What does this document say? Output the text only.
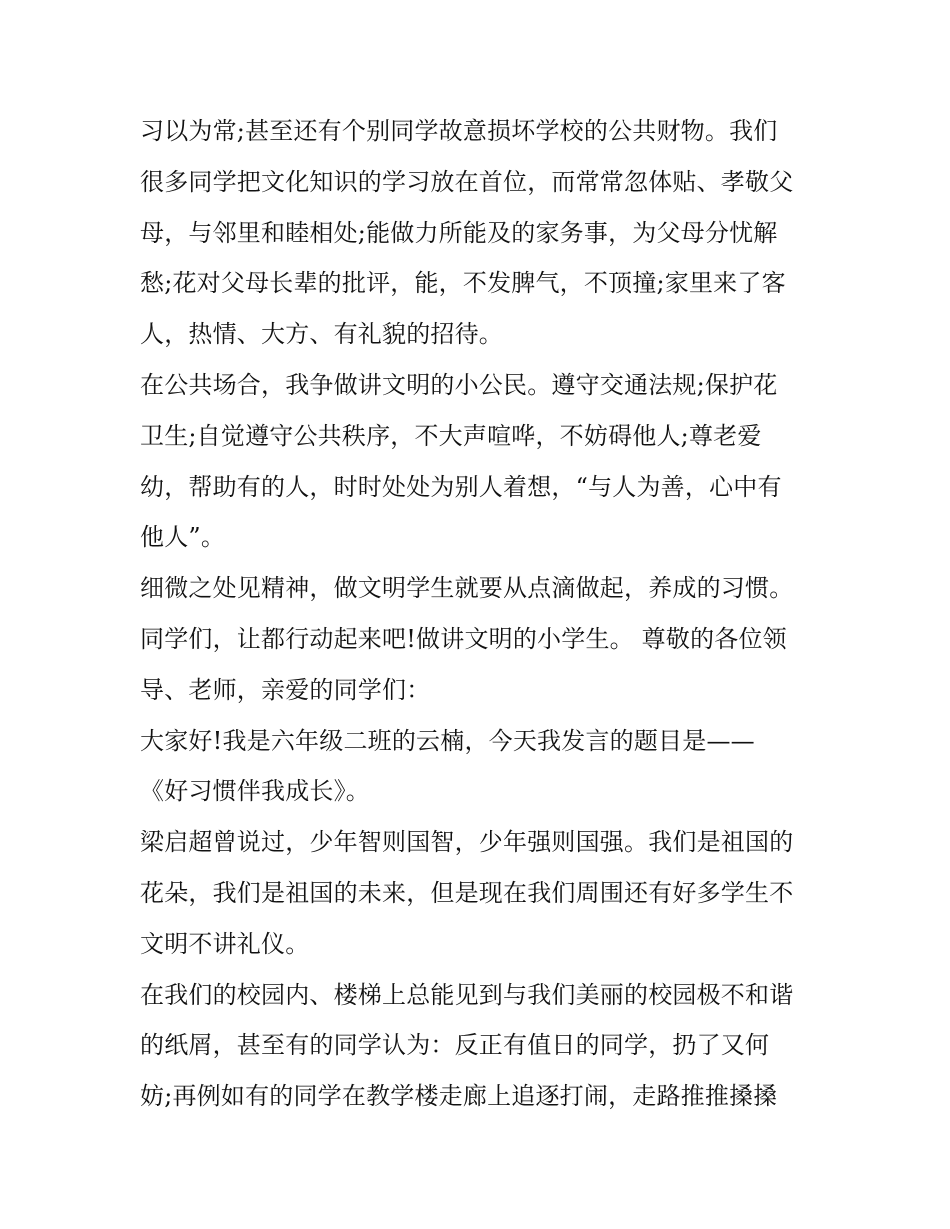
习以为常;甚至还有个别同学故意损坏学校的公共财物。我们
很多同学把文化知识的学习放在首位，而常常忽体贴、孝敬父
母，与邻里和睦相处;能做力所能及的家务事，为父母分忧解
愁;花对父母长辈的批评，能，不发脾气，不顶撞;家里来了客
人，热情、大方、有礼貌的招待。
在公共场合，我争做讲文明的小公民。遵守交通法规;保护花
卫生;自觉遵守公共秩序，不大声喧哗，不妨碍他人;尊老爱
幼，帮助有的人，时时处处为别人着想，“与人为善，心中有
他人”。
细微之处见精神，做文明学生就要从点滴做起，养成的习惯。
同学们，让都行动起来吧!做讲文明的小学生。 尊敬的各位领
导、老师，亲爱的同学们：
大家好!我是六年级二班的云楠，今天我发言的题目是——
《好习惯伴我成长》。
梁启超曾说过，少年智则国智，少年强则国强。我们是祖国的
花朵，我们是祖国的未来，但是现在我们周围还有好多学生不
文明不讲礼仪。
在我们的校园内、楼梯上总能见到与我们美丽的校园极不和谐
的纸屑，甚至有的同学认为：反正有值日的同学，扔了又何
妨;再例如有的同学在教学楼走廊上追逐打闹，走路推推搡搡
